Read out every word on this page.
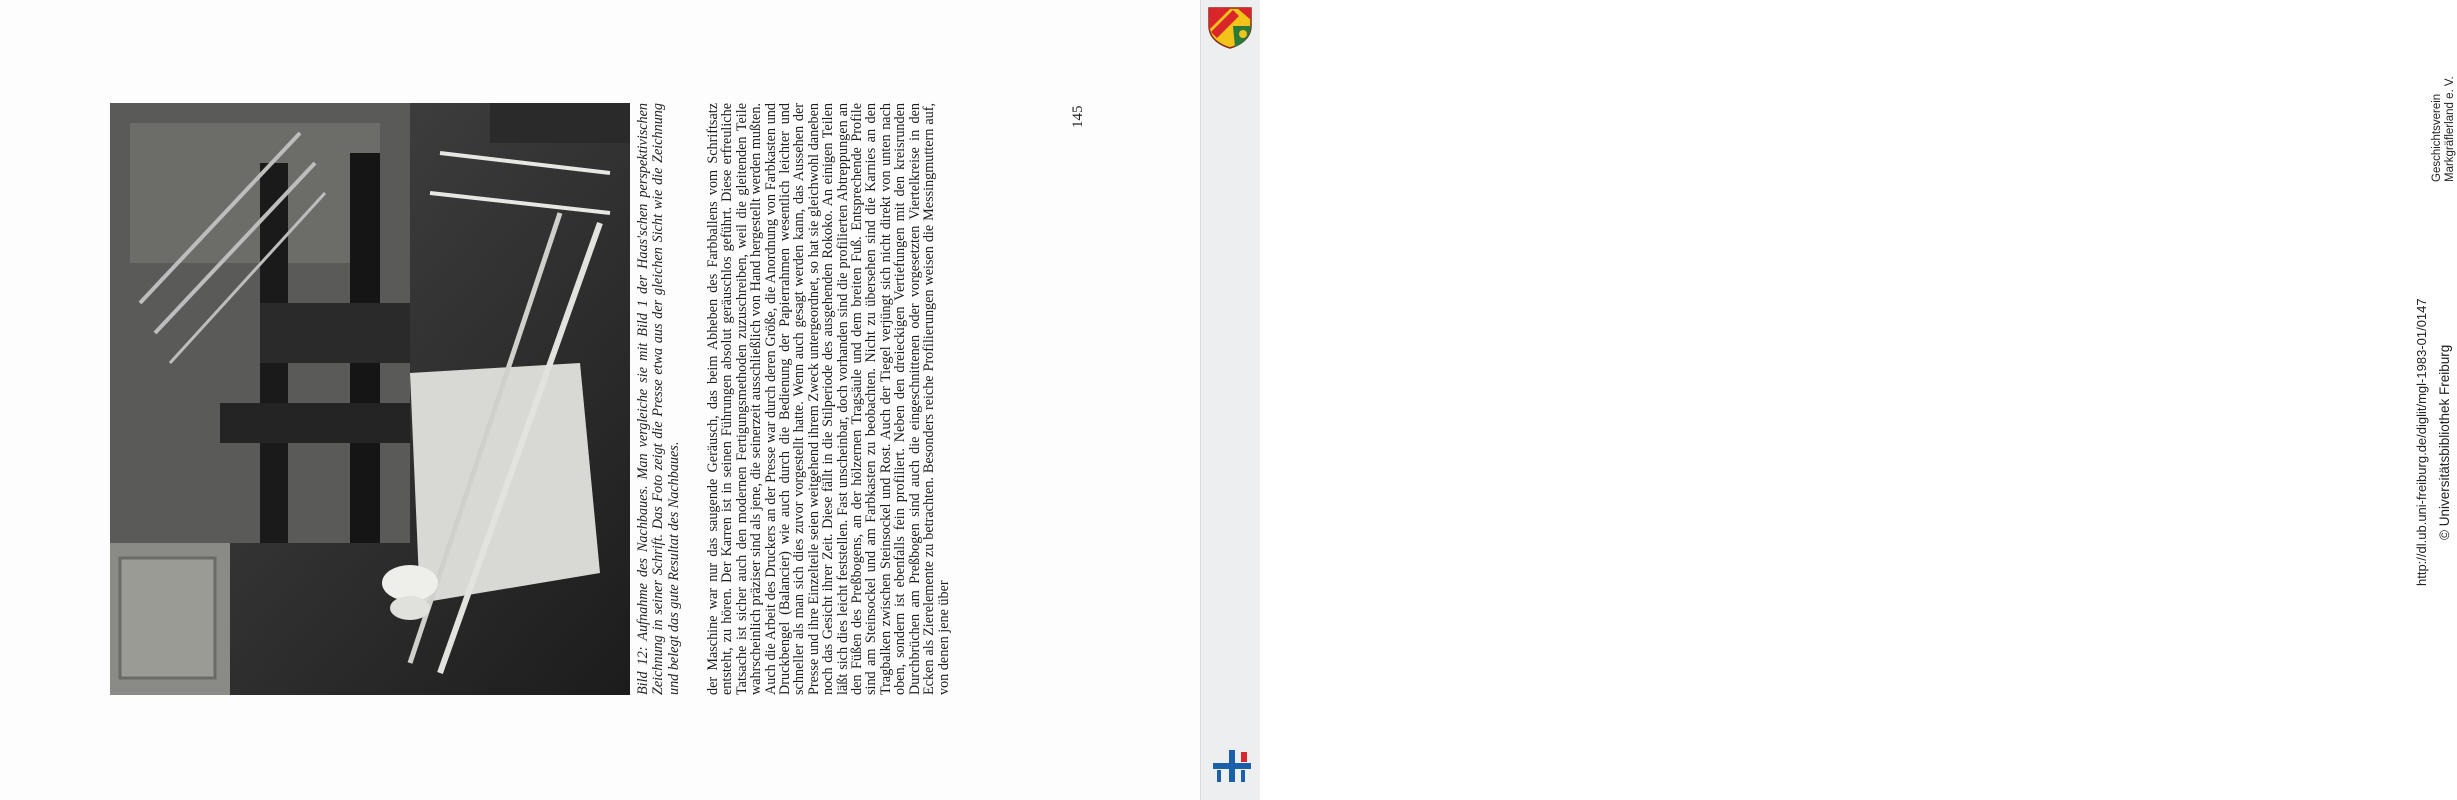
Bild 12: Aufnahme des Nachbaues. Man vergleiche sie mit Bild 1 der Haas'schen perspektivischen Zeichnung in seiner Schrift. Das Foto zeigt die Presse etwa aus der gleichen Sicht wie die Zeichnung und belegt das gute Resultat des Nachbaues.	der Maschine war nur das saugende Geräusch, das beim Abheben des Farbballens vom Schriftsatz entsteht, zu hören. Der Karren ist in seinen Führungen absolut geräuschlos geführt. Diese erfreuliche Tatsache ist sicher auch den modernen Fertigungsmethoden zuzuschreiben, weil die gleitenden Teile wahrscheinlich präziser sind als jene, die seinerzeit ausschließlich von Hand hergestellt werden mußten. Auch die Arbeit des Druckers an der Presse war durch deren Größe, die Anordnung von Farbkasten und Druckbengel (Balancier) wie auch durch die Bedienung der Papierrahmen wesentlich leichter und schneller als man sich dies zuvor vorgestellt hatte. Wenn auch gesagt werden kann, das Aussehen der Presse und ihre Einzelteile seien weitgehend ihrem Zweck untergeordnet, so hat sie gleichwohl daneben noch das Gesicht ihrer Zeit. Diese fällt in die Stilperiode des ausgehenden Rokoko. An einigen Teilen läßt sich dies leicht feststellen. Fast unscheinbar, doch vorhanden sind die profilierten Abtreppungen an den Füßen des Preßbogens, an der hölzernen Tragsäule und dem breiten Fuß. Entsprechende Profile sind am Steinsockel und am Farbkasten zu beobachten. Nicht zu übersehen sind die Karnies an den Tragbalken zwischen Steinsockel und Rost. Auch der Tiegel verjüngt sich nicht direkt von unten nach oben, sondern ist ebenfalls fein profiliert. Neben den dreieckigen Vertiefungen mit den kreisrunden Durchbrüchen am Preßbogen sind auch die eingeschnittenen oder vorgesetzten Viertelkreise in den Ecken als Zierelemente zu betrachten. Besonders reiche Profilierungen weisen die Messingmuttern auf, von denen jene über

145	Geschichtsverein Markgräflerland e. V.
http://dl.ub.uni-freiburg.de/diglit/mgl-1983-01/0147 © Universitätsbibliothek Freiburg
